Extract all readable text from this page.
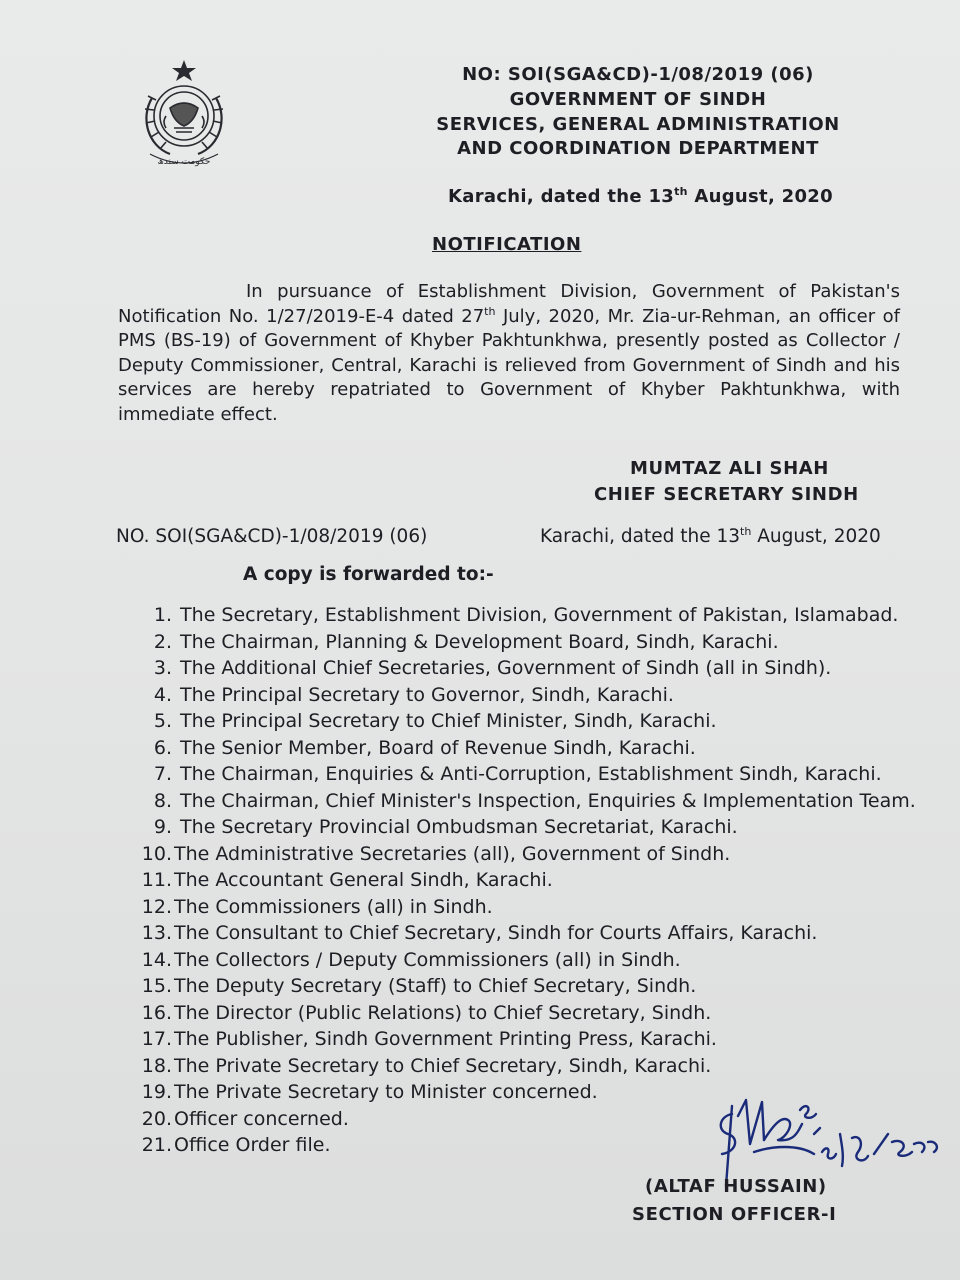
حکومت سندھ
NO: SOI(SGA&CD)-1/08/2019 (06)
GOVERNMENT OF SINDH
SERVICES, GENERAL ADMINISTRATION
AND COORDINATION DEPARTMENT
Karachi, dated the 13th August, 2020
NOTIFICATION
In pursuance of Establishment Division, Government of Pakistan's Notification No. 1/27/2019-E-4 dated 27th July, 2020, Mr. Zia-ur-Rehman, an officer of PMS (BS-19) of Government of Khyber Pakhtunkhwa, presently posted as Collector / Deputy Commissioner, Central, Karachi is relieved from Government of Sindh and his services are hereby repatriated to Government of Khyber Pakhtunkhwa, with immediate effect.
MUMTAZ ALI SHAH
CHIEF SECRETARY SINDH
NO. SOI(SGA&CD)-1/08/2019 (06)	Karachi, dated the 13th August, 2020
A copy is forwarded to:-
1. The Secretary, Establishment Division, Government of Pakistan, Islamabad.
2. The Chairman, Planning & Development Board, Sindh, Karachi.
3. The Additional Chief Secretaries, Government of Sindh (all in Sindh).
4. The Principal Secretary to Governor, Sindh, Karachi.
5. The Principal Secretary to Chief Minister, Sindh, Karachi.
6. The Senior Member, Board of Revenue Sindh, Karachi.
7. The Chairman, Enquiries & Anti-Corruption, Establishment Sindh, Karachi.
8. The Chairman, Chief Minister's Inspection, Enquiries & Implementation Team.
9. The Secretary Provincial Ombudsman Secretariat, Karachi.
10. The Administrative Secretaries (all), Government of Sindh.
11. The Accountant General Sindh, Karachi.
12. The Commissioners (all) in Sindh.
13. The Consultant to Chief Secretary, Sindh for Courts Affairs, Karachi.
14. The Collectors / Deputy Commissioners (all) in Sindh.
15. The Deputy Secretary (Staff) to Chief Secretary, Sindh.
16. The Director (Public Relations) to Chief Secretary, Sindh.
17. The Publisher, Sindh Government Printing Press, Karachi.
18. The Private Secretary to Chief Secretary, Sindh, Karachi.
19. The Private Secretary to Minister concerned.
20. Officer concerned.
21. Office Order file.
(ALTAF HUSSAIN)
SECTION OFFICER-I
